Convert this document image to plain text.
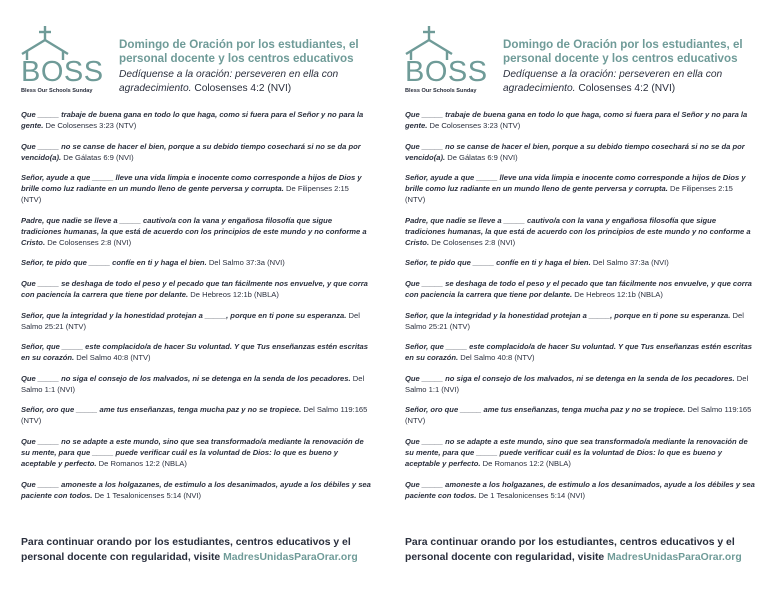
BOSS
Bless Our Schools Sunday
Domingo de Oración por los estudiantes, el personal docente y los centros educativos
Dedíquense a la oración: perseveren en ella con agradecimiento. Colosenses 4:2 (NVI)
Que _____ trabaje de buena gana en todo lo que haga, como si fuera para el Señor y no para la gente. De Colosenses 3:23 (NTV)
Que _____ no se canse de hacer el bien, porque a su debido tiempo cosechará si no se da por vencido(a). De Gálatas 6:9 (NVI)
Señor, ayude a que _____ lleve una vida limpia e inocente como corresponde a hijos de Dios y brille como luz radiante en un mundo lleno de gente perversa y corrupta. De Filipenses 2:15 (NTV)
Padre, que nadie se lleve a _____ cautivo/a con la vana y engañosa filosofía que sigue tradiciones humanas, la que está de acuerdo con los principios de este mundo y no conforme a Cristo. De Colosenses 2:8 (NVI)
Señor, te pido que _____ confíe en ti y haga el bien. Del Salmo 37:3a (NVI)
Que _____ se deshaga de todo el peso y el pecado que tan fácilmente nos envuelve, y que corra con paciencia la carrera que tiene por delante. De Hebreos 12:1b (NBLA)
Señor, que la integridad y la honestidad protejan a _____, porque en ti pone su esperanza. Del Salmo 25:21 (NTV)
Señor, que _____ este complacido/a de hacer Su voluntad. Y que Tus enseñanzas estén escritas en su corazón. Del Salmo 40:8 (NTV)
Que _____ no siga el consejo de los malvados, ni se detenga en la senda de los pecadores. Del Salmo 1:1 (NVI)
Señor, oro que _____ ame tus enseñanzas, tenga mucha paz y no se tropiece. Del Salmo 119:165 (NTV)
Que _____ no se adapte a este mundo, sino que sea transformado/a mediante la renovación de su mente, para que _____ puede verificar cuál es la voluntad de Dios: lo que es bueno y aceptable y perfecto. De Romanos 12:2 (NBLA)
Que _____ amoneste a los holgazanes, de estimulo a los desanimados, ayude a los débiles y sea paciente con todos. De 1 Tesalonicenses 5:14 (NVI)
Para continuar orando por los estudiantes, centros educativos y el personal docente con regularidad, visite MadresUnidasParaOrar.org
BOSS
Bless Our Schools Sunday
Domingo de Oración por los estudiantes, el personal docente y los centros educativos
Dedíquense a la oración: perseveren en ella con agradecimiento. Colosenses 4:2 (NVI)
Que _____ trabaje de buena gana en todo lo que haga, como si fuera para el Señor y no para la gente. De Colosenses 3:23 (NTV)
Que _____ no se canse de hacer el bien, porque a su debido tiempo cosechará si no se da por vencido(a). De Gálatas 6:9 (NVI)
Señor, ayude a que _____ lleve una vida limpia e inocente como corresponde a hijos de Dios y brille como luz radiante en un mundo lleno de gente perversa y corrupta. De Filipenses 2:15 (NTV)
Padre, que nadie se lleve a _____ cautivo/a con la vana y engañosa filosofía que sigue tradiciones humanas, la que está de acuerdo con los principios de este mundo y no conforme a Cristo. De Colosenses 2:8 (NVI)
Señor, te pido que _____ confíe en ti y haga el bien. Del Salmo 37:3a (NVI)
Que _____ se deshaga de todo el peso y el pecado que tan fácilmente nos envuelve, y que corra con paciencia la carrera que tiene por delante. De Hebreos 12:1b (NBLA)
Señor, que la integridad y la honestidad protejan a _____, porque en ti pone su esperanza. Del Salmo 25:21 (NTV)
Señor, que _____ este complacido/a de hacer Su voluntad. Y que Tus enseñanzas estén escritas en su corazón. Del Salmo 40:8 (NTV)
Que _____ no siga el consejo de los malvados, ni se detenga en la senda de los pecadores. Del Salmo 1:1 (NVI)
Señor, oro que _____ ame tus enseñanzas, tenga mucha paz y no se tropiece. Del Salmo 119:165 (NTV)
Que _____ no se adapte a este mundo, sino que sea transformado/a mediante la renovación de su mente, para que _____ puede verificar cuál es la voluntad de Dios: lo que es bueno y aceptable y perfecto. De Romanos 12:2 (NBLA)
Que _____ amoneste a los holgazanes, de estimulo a los desanimados, ayude a los débiles y sea paciente con todos. De 1 Tesalonicenses 5:14 (NVI)
Para continuar orando por los estudiantes, centros educativos y el personal docente con regularidad, visite MadresUnidasParaOrar.org
